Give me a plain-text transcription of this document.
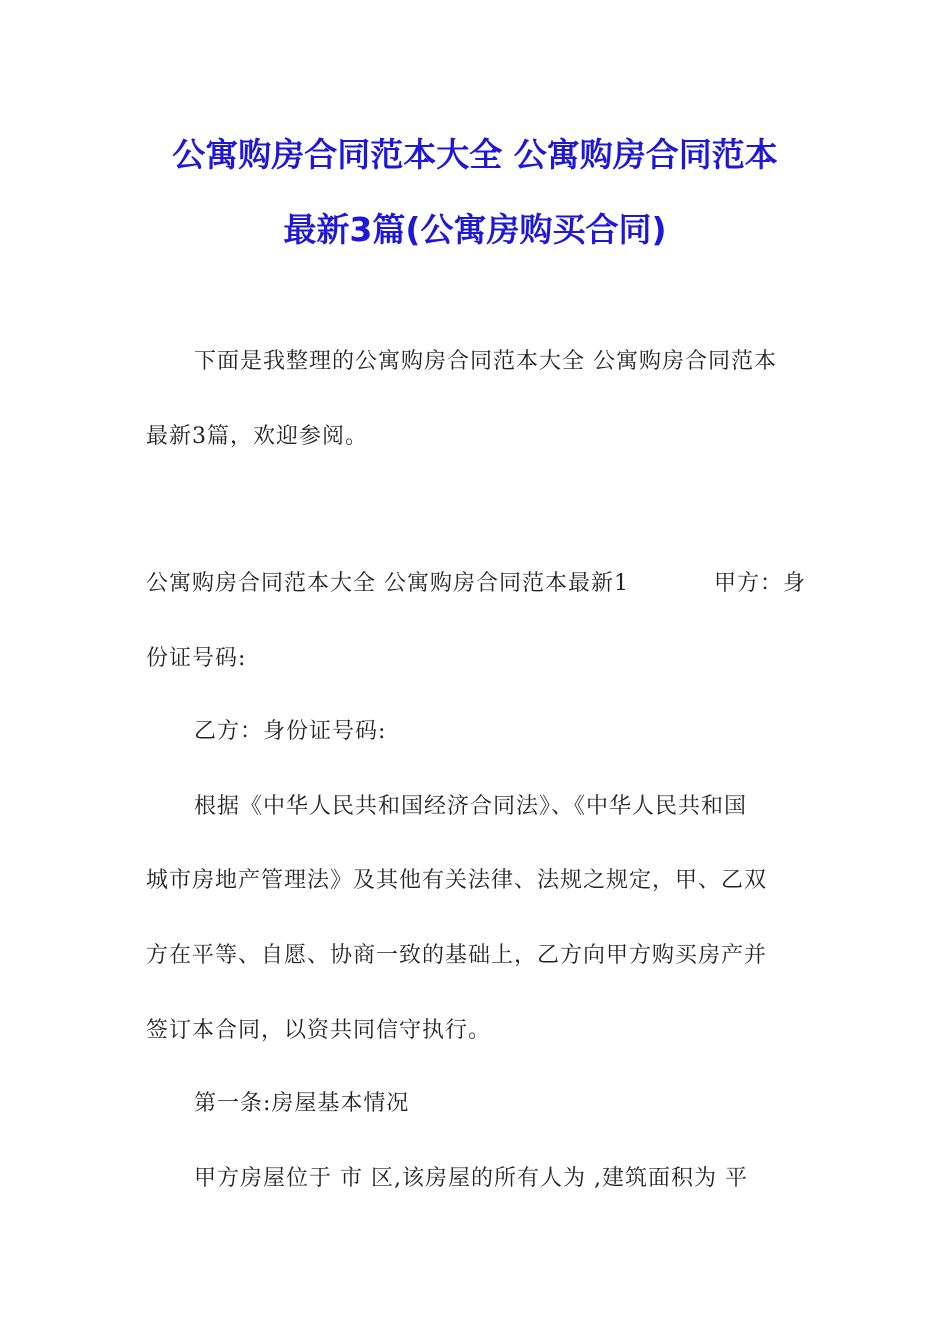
公寓购房合同范本大全 公寓购房合同范本
最新3篇(公寓房购买合同)
下面是我整理的公寓购房合同范本大全 公寓购房合同范本
最新3篇，欢迎参阅。
公寓购房合同范本大全 公寓购房合同范本最新1	甲方：身
份证号码:
乙方：身份证号码:
根据《中华人民共和国经济合同法》、《中华人民共和国
城市房地产管理法》及其他有关法律、法规之规定，甲、乙双
方在平等、自愿、协商一致的基础上，乙方向甲方购买房产并
签订本合同，以资共同信守执行。
第一条:房屋基本情况
甲方房屋位于 市 区,该房屋的所有人为 ,建筑面积为 平
